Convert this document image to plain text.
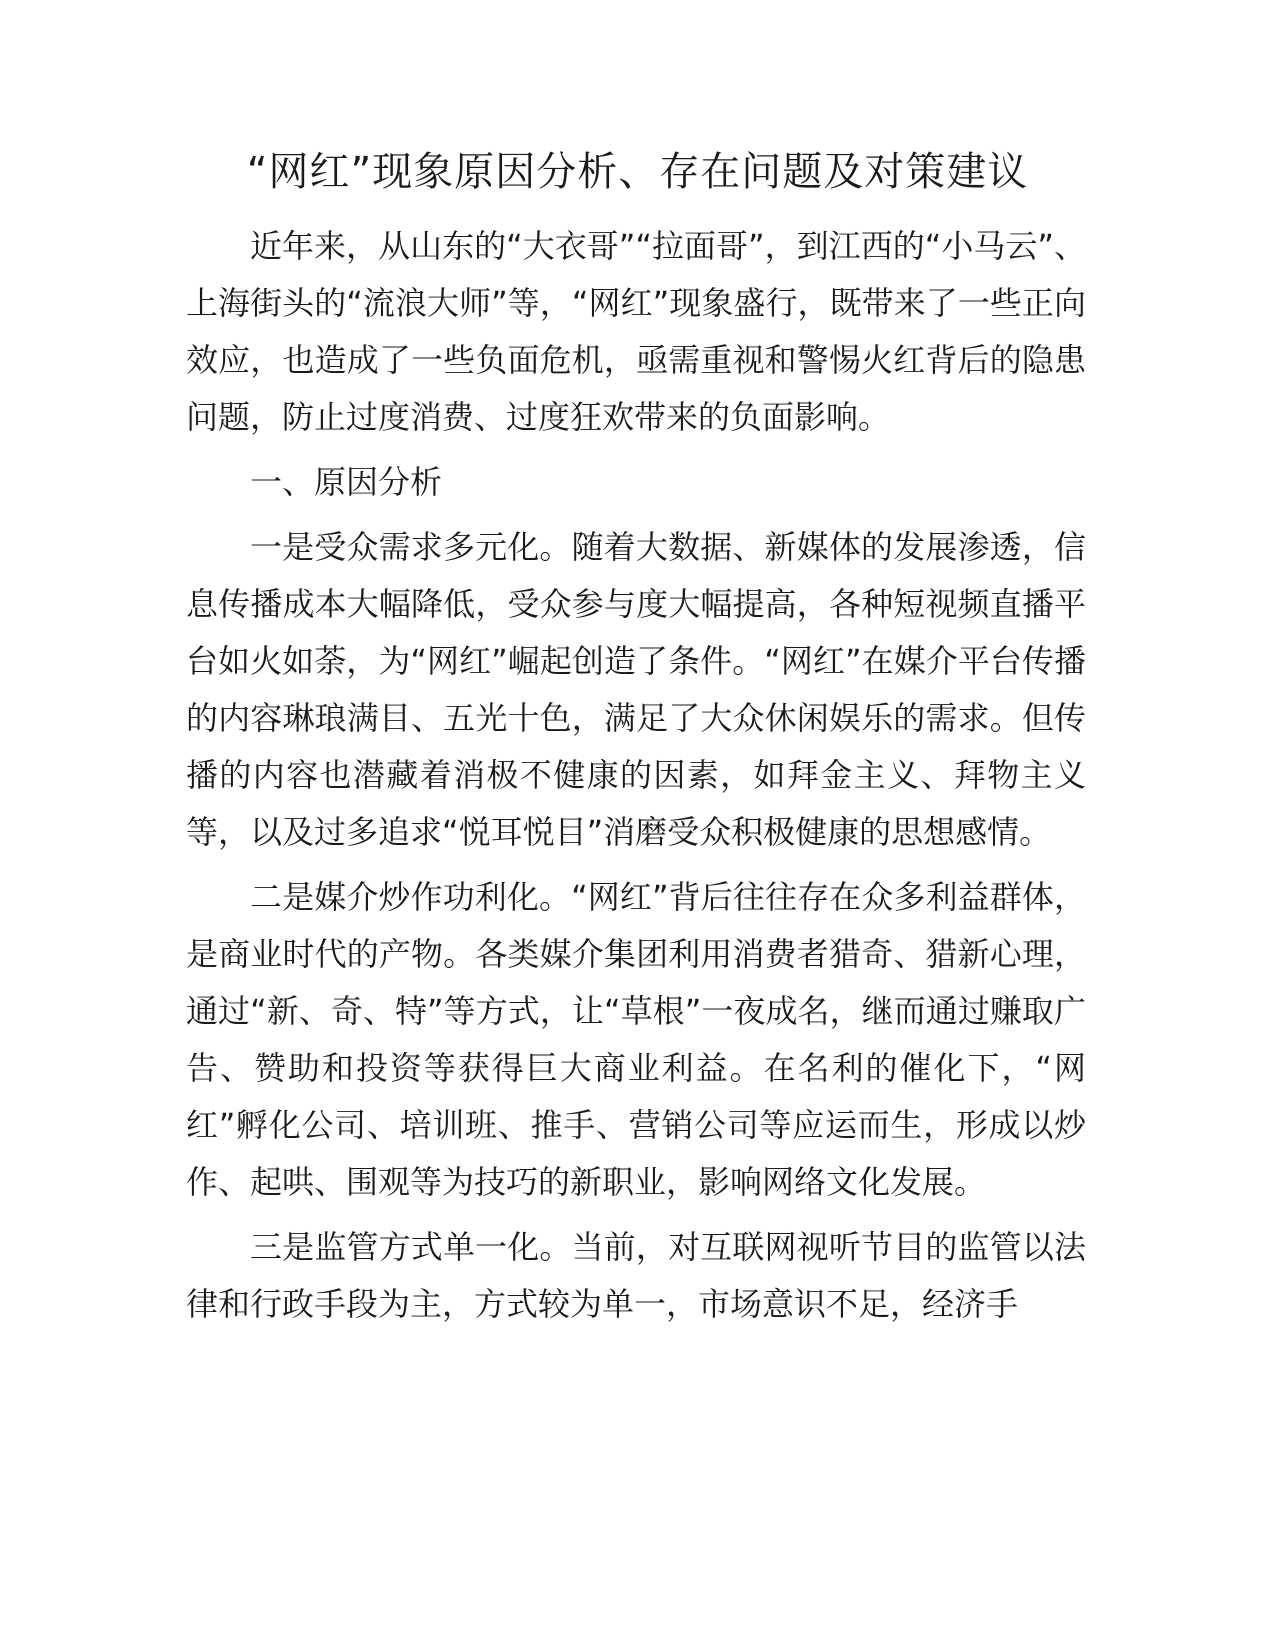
“网红”现象原因分析、存在问题及对策建议

近年来，从山东的“大衣哥”“拉面哥”，到江西的“小马云”、上海街头的“流浪大师”等，“网红”现象盛行，既带来了一些正向效应，也造成了一些负面危机，亟需重视和警惕火红背后的隐患问题，防止过度消费、过度狂欢带来的负面影响。

一、原因分析

一是受众需求多元化。随着大数据、新媒体的发展渗透，信息传播成本大幅降低，受众参与度大幅提高，各种短视频直播平台如火如荼，为“网红”崛起创造了条件。“网红”在媒介平台传播的内容琳琅满目、五光十色，满足了大众休闲娱乐的需求。但传播的内容也潜藏着消极不健康的因素，如拜金主义、拜物主义等，以及过多追求“悦耳悦目”消磨受众积极健康的思想感情。

二是媒介炒作功利化。“网红”背后往往存在众多利益群体，是商业时代的产物。各类媒介集团利用消费者猎奇、猎新心理，通过“新、奇、特”等方式，让“草根”一夜成名，继而通过赚取广告、赞助和投资等获得巨大商业利益。在名利的催化下，“网红”孵化公司、培训班、推手、营销公司等应运而生，形成以炒作、起哄、围观等为技巧的新职业，影响网络文化发展。

三是监管方式单一化。当前，对互联网视听节目的监管以法律和行政手段为主，方式较为单一，市场意识不足，经济手
